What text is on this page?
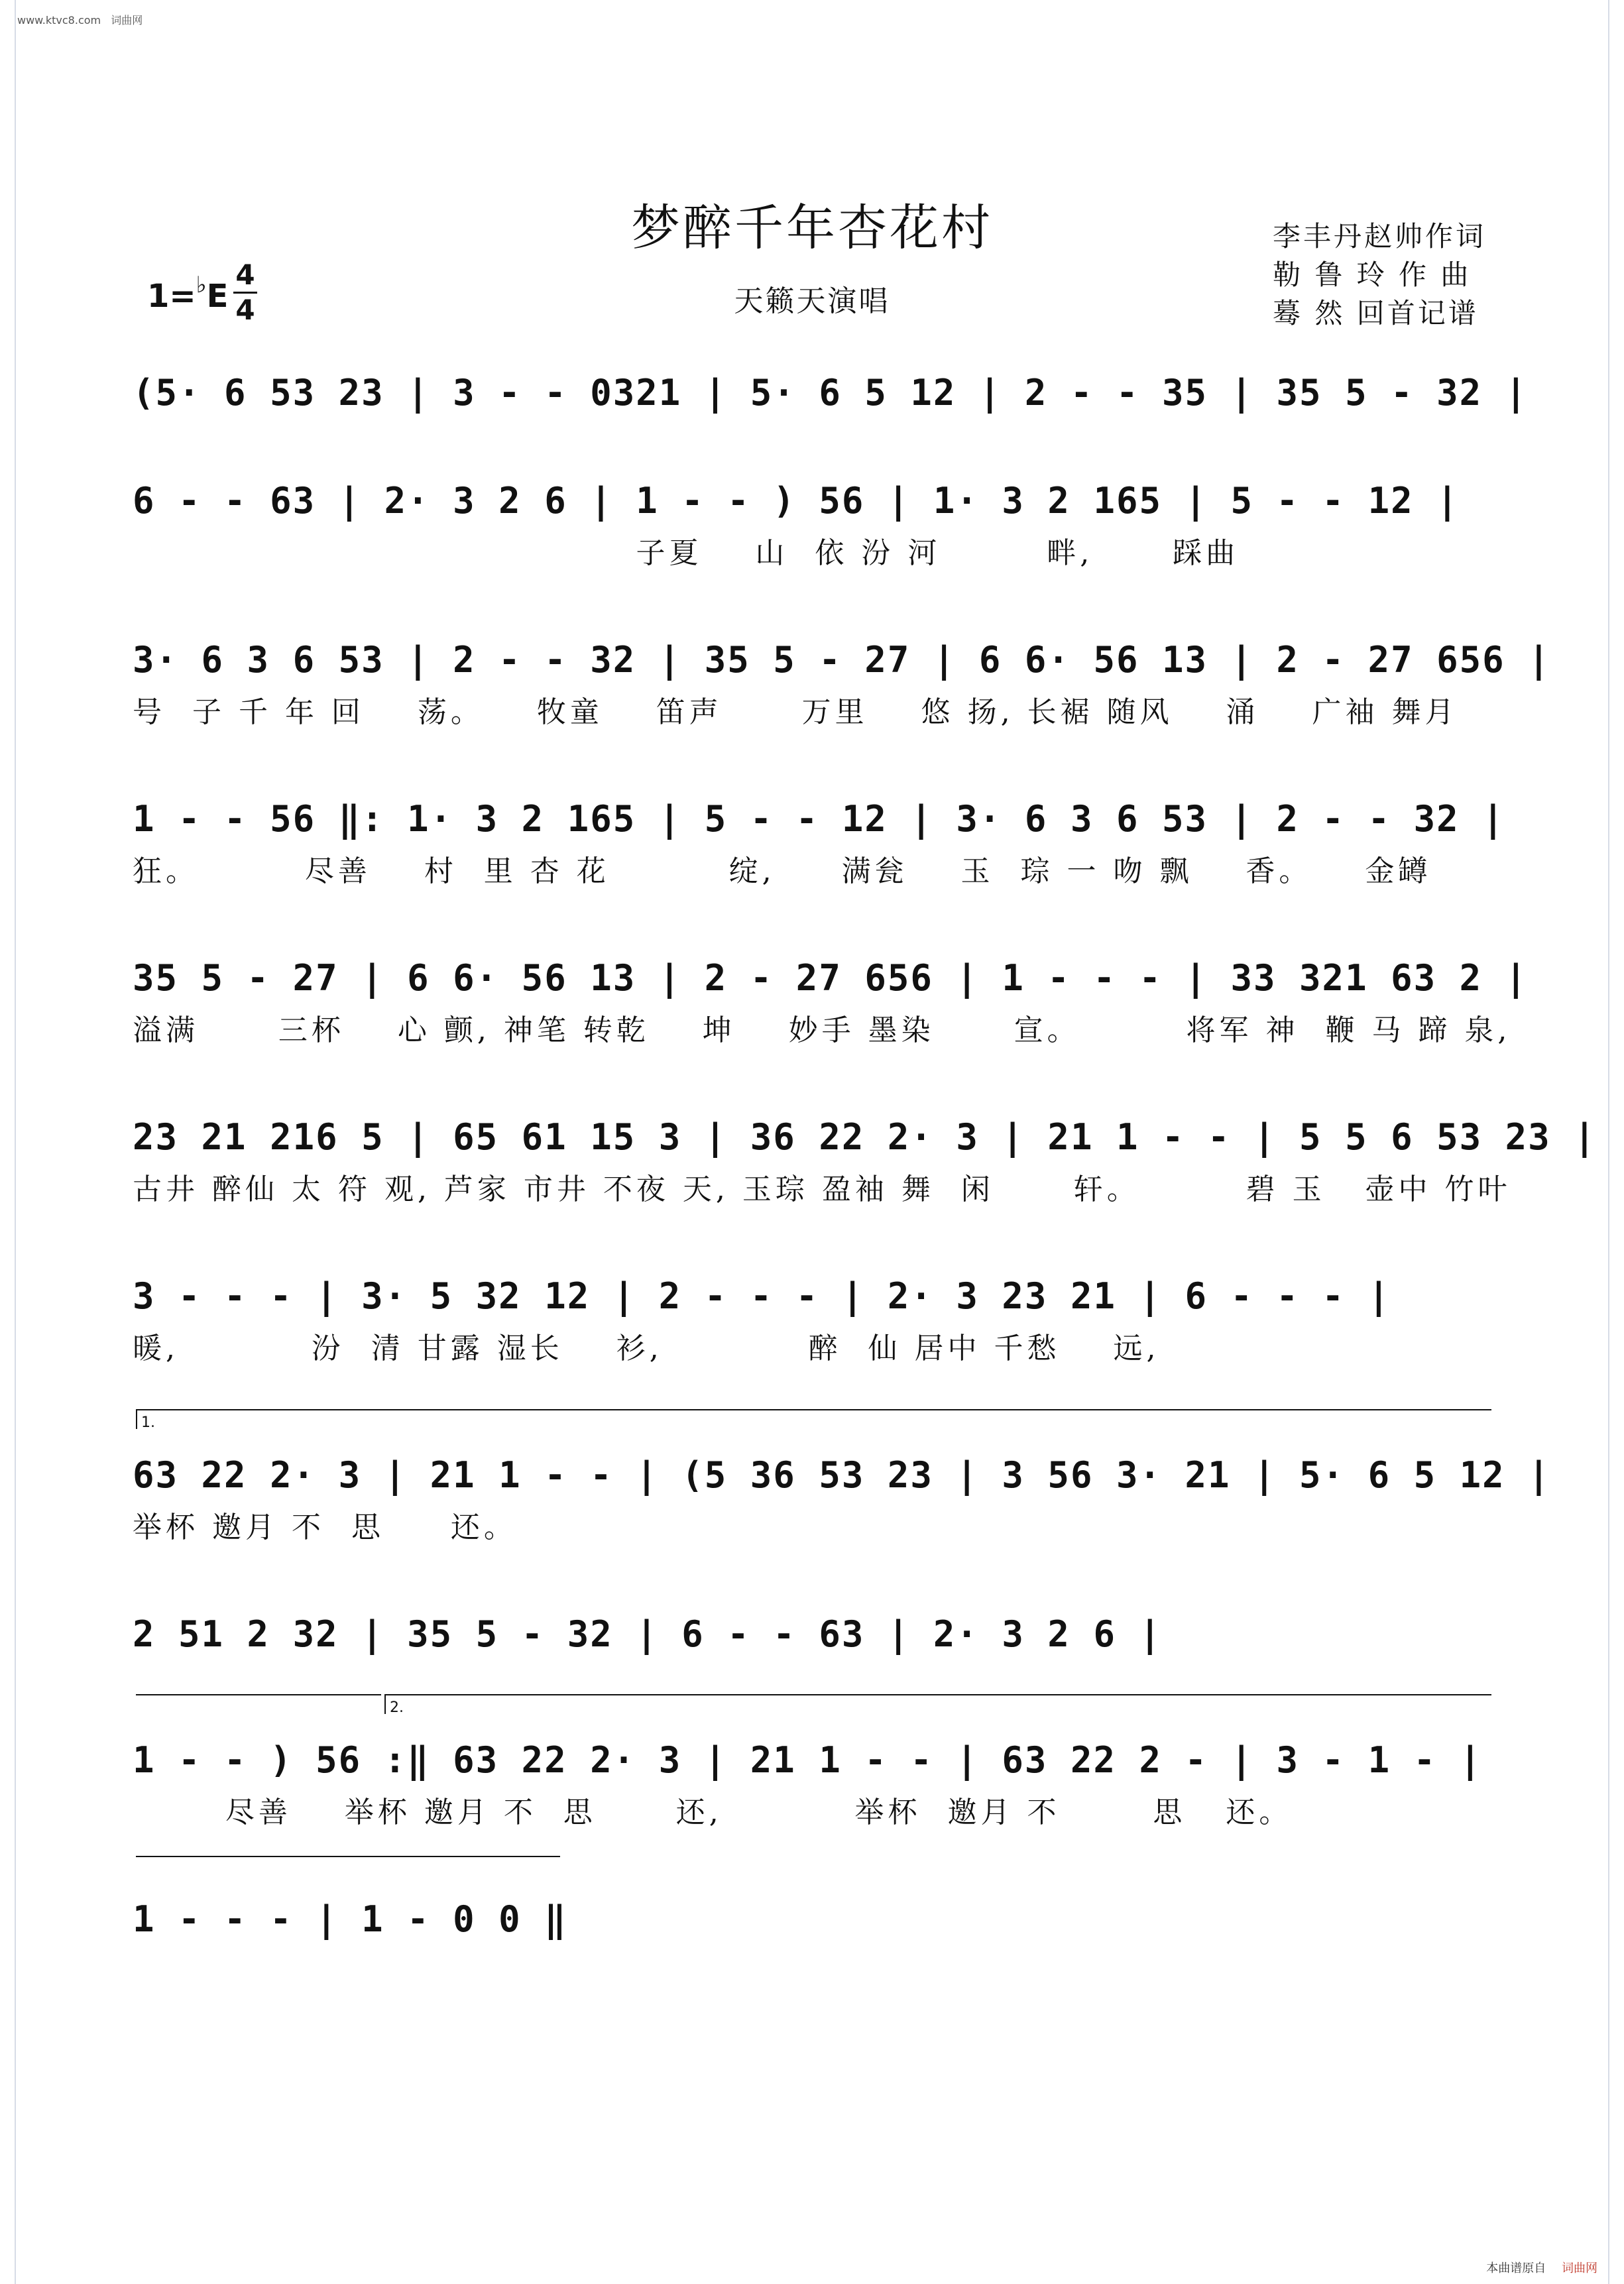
www.ktvc8.com 词曲网
梦醉千年杏花村
1=♭E
4
4	天籁天演唱
李丰丹赵帅作词
勒 鲁 玲 作 曲
蓦 然 回首记谱
(5· 6 53 23 | 3 - - 0321 | 5· 6 5 12 | 2 - - 35 | 35 5 - 32 |
6 - - 63 | 2· 3 2 6 | 1 - - ) 56 | 1· 3 2 165 | 5 - - 12 |
子夏    山  依 汾 河        畔,      踩曲
3· 6 3 6 53 | 2 - - 32 | 35 5 - 27 | 6 6· 56 13 | 2 - 27 656 |
号  子 千 年 回    荡。    牧童    笛声      万里    悠 扬, 长裾 随风    涌    广袖 舞月
1 - - 56 ‖: 1· 3 2 165 | 5 - - 12 | 3· 6 3 6 53 | 2 - - 32 |
狂。        尽善    村  里 杏 花         绽,     满瓮    玉  琮 一 吻 飘    香。    金罇
35 5 - 27 | 6 6· 56 13 | 2 - 27 656 | 1 - - - | 33 321 63 2 |
溢满      三杯    心 颤, 神笔 转乾    坤    妙手 墨染      宣。        将军 神  鞭 马 蹄 泉,
23 21 216 5 | 65 61 15 3 | 36 22 2· 3 | 21 1 - - | 5 5 6 53 23 |
古井 醉仙 太 符 观, 芦家 市井 不夜 天, 玉琮 盈袖 舞  闲      轩。        碧 玉   壶中 竹叶
3 - - - | 3· 5 32 12 | 2 - - - | 2· 3 23 21 | 6 - - - |
暖,          汾  清 甘露 湿长    衫,           醉  仙 居中 千愁    远,
1.
63 22 2· 3 | 21 1 - - | (5 36 53 23 | 3 56 3· 21 | 5· 6 5 12 |
举杯 邀月 不  思     还。
2 51 2 32 | 35 5 - 32 | 6 - - 63 | 2· 3 2 6 |
2.
1 - - ) 56 :‖ 63 22 2· 3 | 21 1 - - | 63 22 2 - | 3 - 1 - |
尽善    举杯 邀月 不  思      还,          举杯  邀月 不       思   还。
1 - - - | 1 - 0 0 ‖
本曲谱原自 词曲网
